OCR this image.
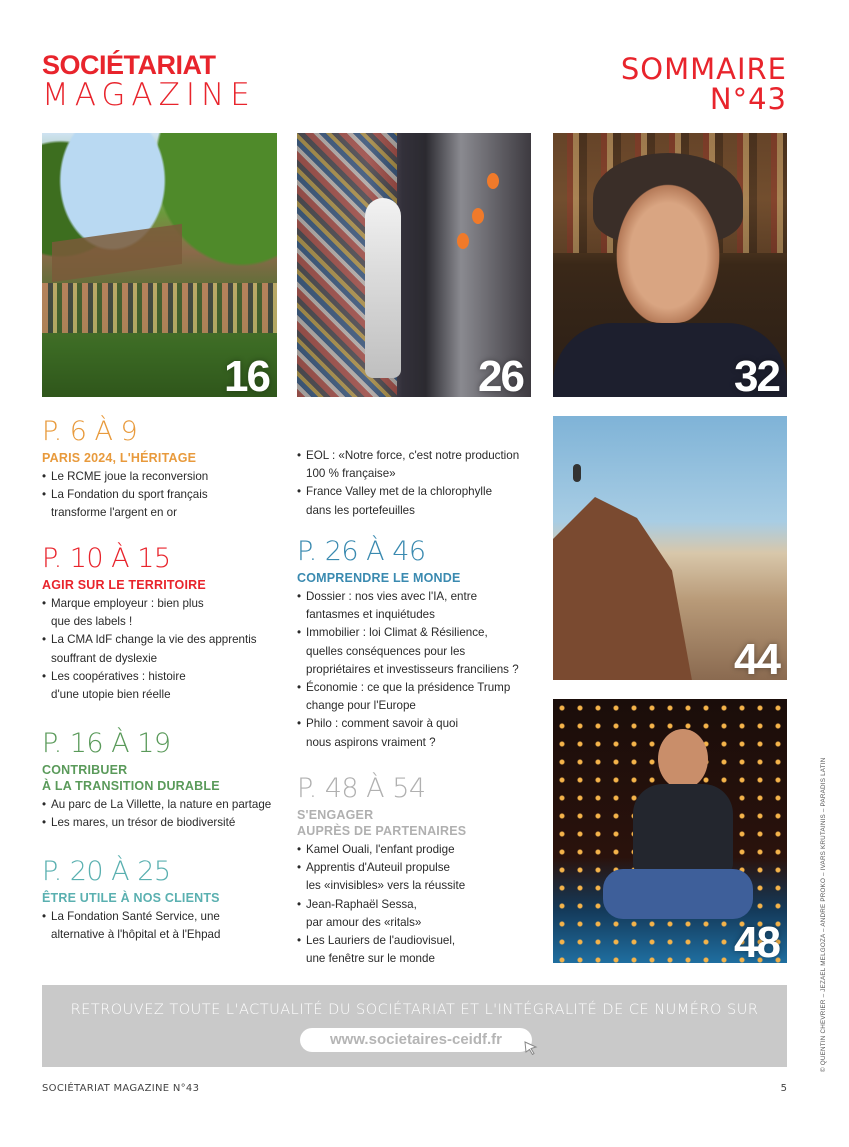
SOCIÉTARIAT
MAGAZINE
SOMMAIRE
N°43
16	26	32
44
48
P. 6 À 9
PARIS 2024, L'HÉRITAGE
• Le RCME joue la reconversion
• La Fondation du sport français
transforme l'argent en or
• EOL : «Notre force, c'est notre production
100 % française»
• France Valley met de la chlorophylle
dans les portefeuilles
P. 10 À 15
AGIR SUR LE TERRITOIRE
• Marque employeur : bien plus
que des labels !
• La CMA IdF change la vie des apprentis
souffrant de dyslexie
• Les coopératives : histoire
d'une utopie bien réelle
P. 26 À 46
COMPRENDRE LE MONDE
• Dossier : nos vies avec l'IA, entre
fantasmes et inquiétudes
• Immobilier : loi Climat & Résilience,
quelles conséquences pour les
propriétaires et investisseurs franciliens ?
• Économie : ce que la présidence Trump
change pour l'Europe
• Philo : comment savoir à quoi
nous aspirons vraiment ?
P. 16 À 19
CONTRIBUER
À LA TRANSITION DURABLE
• Au parc de La Villette, la nature en partage
• Les mares, un trésor de biodiversité
P. 48 À 54
S'ENGAGER
AUPRÈS DE PARTENAIRES
• Kamel Ouali, l'enfant prodige
• Apprentis d'Auteuil propulse
les «invisibles» vers la réussite
• Jean-Raphaël Sessa,
par amour des «ritals»
• Les Lauriers de l'audiovisuel,
une fenêtre sur le monde
P. 20 À 25
ÊTRE UTILE À NOS CLIENTS
• La Fondation Santé Service, une
alternative à l'hôpital et à l'Ehpad
RETROUVEZ TOUTE L'ACTUALITÉ DU SOCIÉTARIAT ET L'INTÉGRALITÉ DE CE NUMÉRO SUR
www.societaires-ceidf.fr
SOCIÉTARIAT MAGAZINE N°43	5
© QUENTIN CHEVRIER – JEZAEL MELGOZA – ANDRE PROKO – IVARS KRUTAINIS – PARADIS LATIN
